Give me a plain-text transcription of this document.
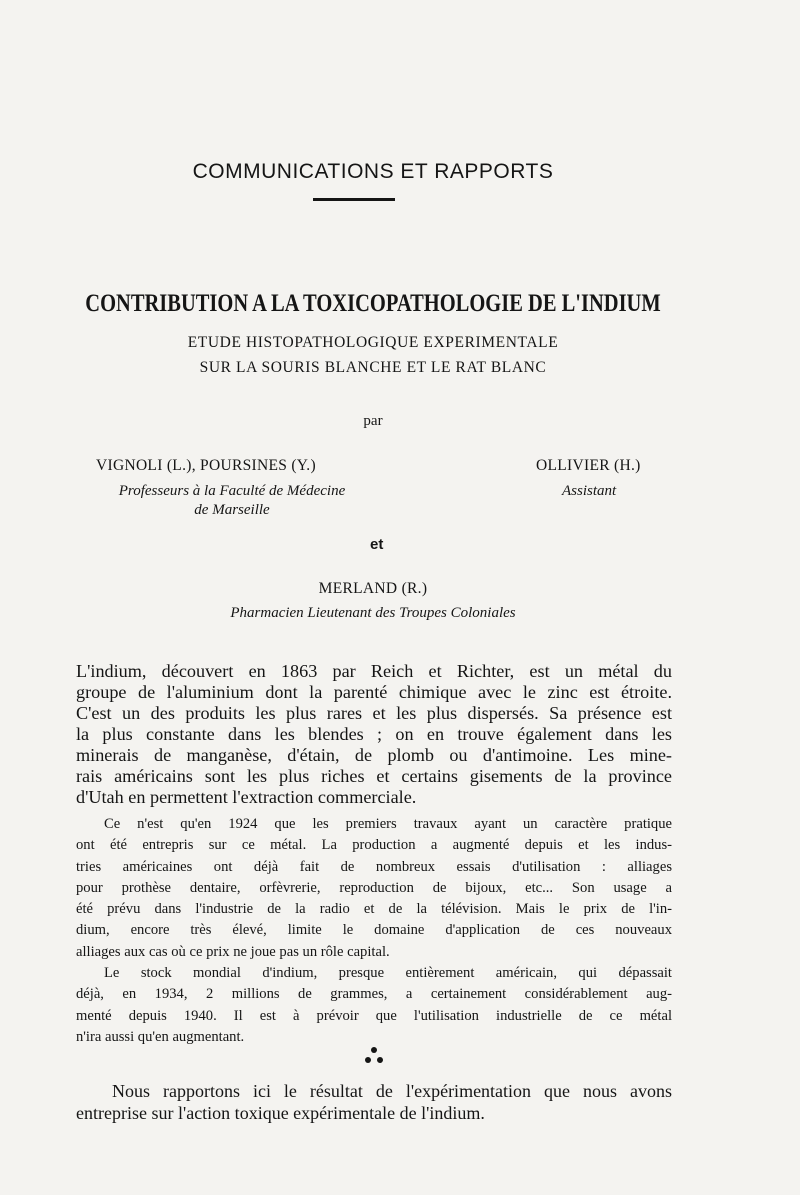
COMMUNICATIONS ET RAPPORTS
CONTRIBUTION A LA TOXICOPATHOLOGIE DE L'INDIUM
ETUDE HISTOPATHOLOGIQUE EXPERIMENTALE
SUR LA SOURIS BLANCHE ET LE RAT BLANC
par
VIGNOLI (L.), POURSINES (Y.)
Professeurs à la Faculté de Médecine
de Marseille
OLLIVIER (H.)
Assistant
et
MERLAND (R.)
Pharmacien Lieutenant des Troupes Coloniales
L'indium, découvert en 1863 par Reich et Richter, est un métal du
groupe de l'aluminium dont la parenté chimique avec le zinc est étroite.
C'est un des produits les plus rares et les plus dispersés. Sa présence est
la plus constante dans les blendes ; on en trouve également dans les
minerais de manganèse, d'étain, de plomb ou d'antimoine. Les mine-
rais américains sont les plus riches et certains gisements de la province
d'Utah en permettent l'extraction commerciale.
Ce n'est qu'en 1924 que les premiers travaux ayant un caractère pratique
ont été entrepris sur ce métal. La production a augmenté depuis et les indus-
tries américaines ont déjà fait de nombreux essais d'utilisation : alliages
pour prothèse dentaire, orfèvrerie, reproduction de bijoux, etc... Son usage a
été prévu dans l'industrie de la radio et de la télévision. Mais le prix de l'in-
dium, encore très élevé, limite le domaine d'application de ces nouveaux
alliages aux cas où ce prix ne joue pas un rôle capital.
Le stock mondial d'indium, presque entièrement américain, qui dépassait
déjà, en 1934, 2 millions de grammes, a certainement considérablement aug-
menté depuis 1940. Il est à prévoir que l'utilisation industrielle de ce métal
n'ira aussi qu'en augmentant.
Nous rapportons ici le résultat de l'expérimentation que nous avons
entreprise sur l'action toxique expérimentale de l'indium.
